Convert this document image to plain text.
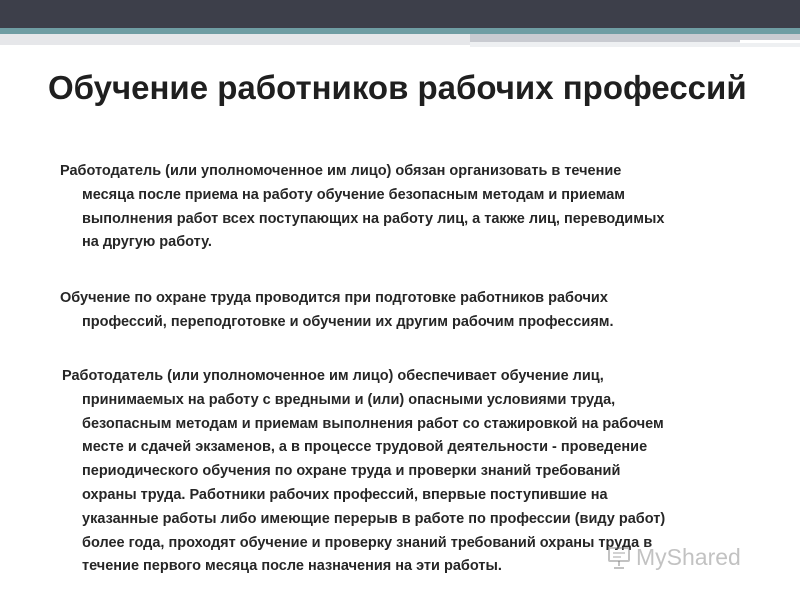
Обучение работников рабочих профессий

Работодатель (или уполномоченное им лицо) обязан организовать в течение
месяца после приема на работу обучение безопасным методам и приемам
выполнения работ всех поступающих на работу лиц, а также лиц, переводимых
на другую работу.

Обучение по охране труда проводится при подготовке работников рабочих
профессий, переподготовке и обучении их другим рабочим профессиям.

Работодатель (или уполномоченное им лицо) обеспечивает обучение лиц,
принимаемых на работу с вредными и (или) опасными условиями труда,
безопасным методам и приемам выполнения работ со стажировкой на рабочем
месте и сдачей экзаменов, а в процессе трудовой деятельности - проведение
периодического обучения по охране труда и проверки знаний требований
охраны труда. Работники рабочих профессий, впервые поступившие на
указанные работы либо имеющие перерыв в работе по профессии (виду работ)
более года, проходят обучение и проверку знаний требований охраны труда в
течение первого месяца после назначения на эти работы.	MyShared
